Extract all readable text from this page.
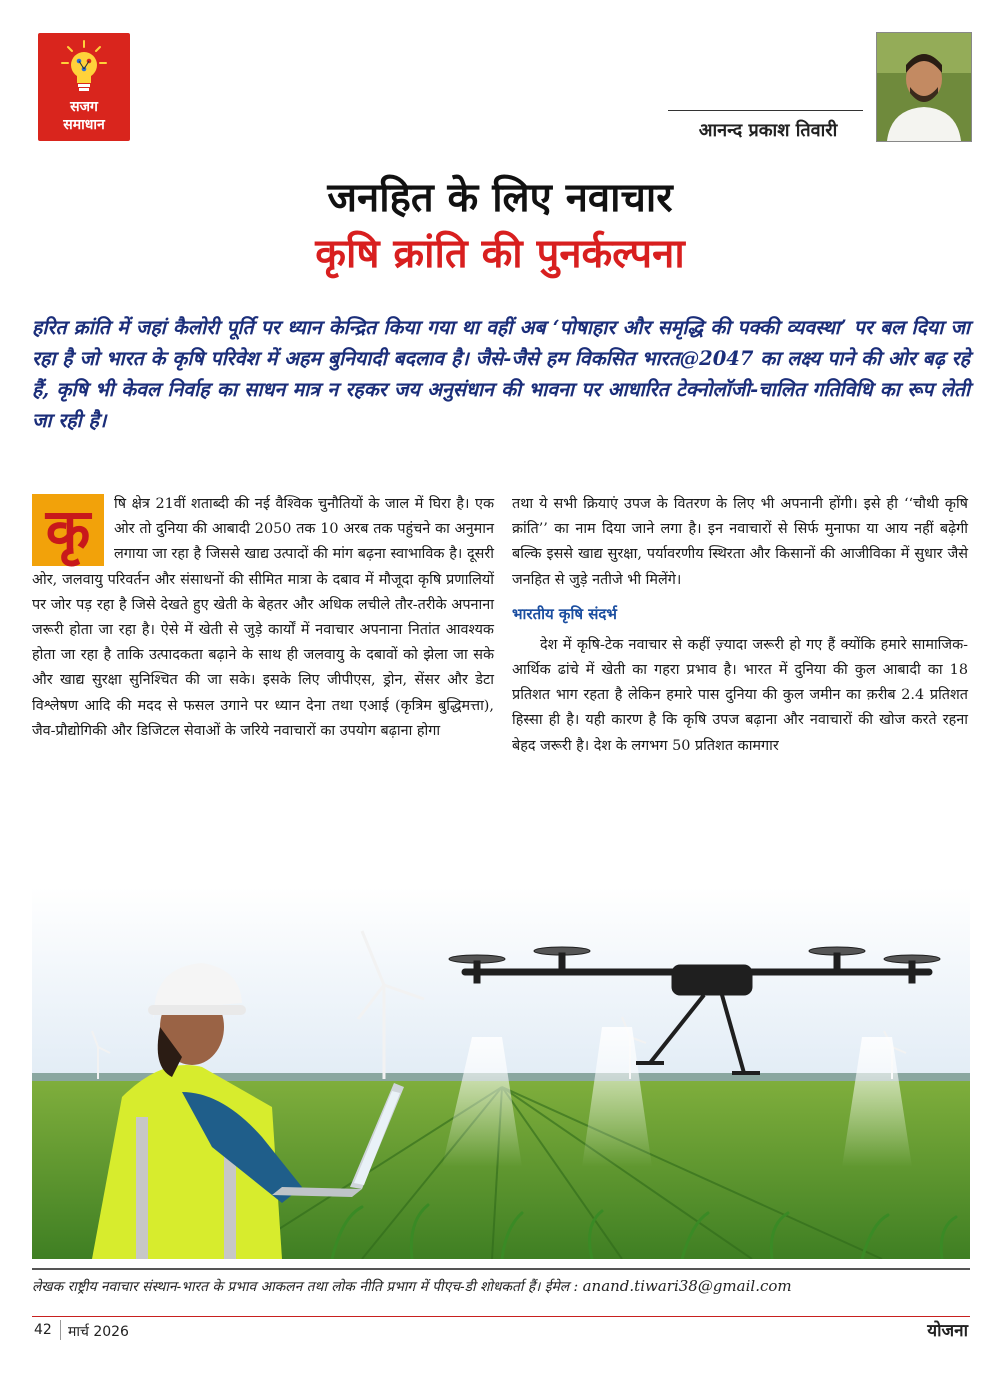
सजग
समाधान	आनन्द प्रकाश तिवारी
जनहित के लिए नवाचार
कृषि क्रांति की पुनर्कल्पना
हरित क्रांति में जहां कैलोरी पूर्ति पर ध्यान केन्द्रित किया गया था वहीं अब ‘पोषाहार और समृद्धि की पक्की व्यवस्था’ पर बल दिया जा रहा है जो भारत के कृषि परिवेश में अहम बुनियादी बदलाव है। जैसे-जैसे हम विकसित भारत@2047 का लक्ष्य पाने की ओर बढ़ रहे हैं, कृषि भी केवल निर्वाह का साधन मात्र न रहकर जय अनुसंधान की भावना पर आधारित टेक्नोलॉजी-चालित गतिविधि का रूप लेती जा रही है।
कृ	षि क्षेत्र 21वीं शताब्दी की नई वैश्विक चुनौतियों के जाल में घिरा है। एक ओर तो दुनिया की आबादी 2050 तक 10 अरब तक पहुंचने का अनुमान लगाया जा रहा है जिससे खाद्य उत्पादों की मांग बढ़ना स्वाभाविक है। दूसरी ओर, जलवायु परिवर्तन और संसाधनों की सीमित मात्रा के दबाव में मौजूदा कृषि प्रणालियों पर जोर पड़ रहा है जिसे देखते हुए खेती के बेहतर और अधिक लचीले तौर-तरीके अपनाना जरूरी होता जा रहा है। ऐसे में खेती से जुड़े कार्यों में नवाचार अपनाना नितांत आवश्यक होता जा रहा है ताकि उत्पादकता बढ़ाने के साथ ही जलवायु के दबावों को झेला जा सके और खाद्य सुरक्षा सुनिश्चित की जा सके। इसके लिए जीपीएस, ड्रोन, सेंसर और डेटा विश्लेषण आदि की मदद से फसल उगाने पर ध्यान देना तथा एआई (कृत्रिम बुद्धिमत्ता), जैव-प्रौद्योगिकी और डिजिटल सेवाओं के जरिये नवाचारों का उपयोग बढ़ाना होगा

तथा ये सभी क्रियाएं उपज के वितरण के लिए भी अपनानी होंगी। इसे ही ‘‘चौथी कृषि क्रांति’’ का नाम दिया जाने लगा है। इन नवाचारों से सिर्फ मुनाफा या आय नहीं बढ़ेगी बल्कि इससे खाद्य सुरक्षा, पर्यावरणीय स्थिरता और किसानों की आजीविका में सुधार जैसे जनहित से जुड़े नतीजे भी मिलेंगे।

भारतीय कृषि संदर्भ

देश में कृषि-टेक नवाचार से कहीं ज़्यादा जरूरी हो गए हैं क्योंकि हमारे सामाजिक-आर्थिक ढांचे में खेती का गहरा प्रभाव है। भारत में दुनिया की कुल आबादी का 18 प्रतिशत भाग रहता है लेकिन हमारे पास दुनिया की कुल जमीन का क़रीब 2.4 प्रतिशत हिस्सा ही है। यही कारण है कि कृषि उपज बढ़ाना और नवाचारों की खोज करते रहना बेहद जरूरी है। देश के लगभग 50 प्रतिशत कामगार

लेखक राष्ट्रीय नवाचार संस्थान-भारत के प्रभाव आकलन तथा लोक नीति प्रभाग में पीएच-डी शोधकर्ता हैं। ईमेल : anand.tiwari38@gmail.com
42 मार्च 2026	योजना
